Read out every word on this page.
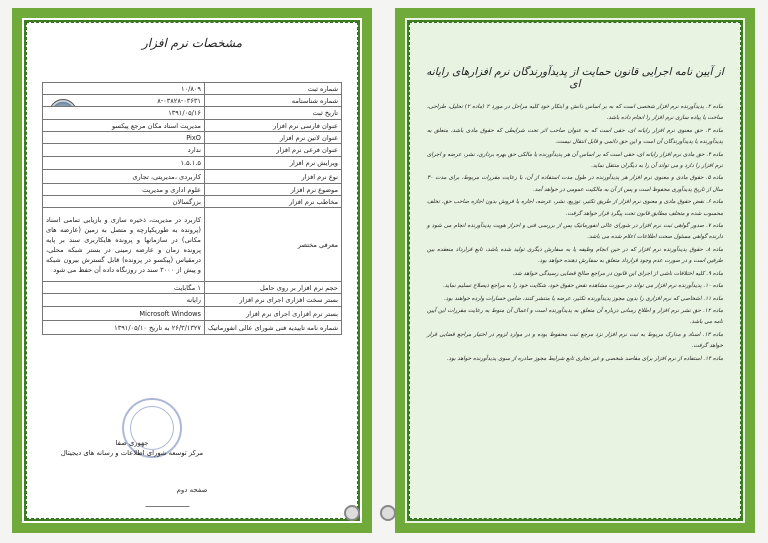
مشخصات نرم افزار
شماره ثبت	۱۰/۸۰۹
شماره شناسنامه	۸-۰۳۸۲۸-۰۳۶۳۱

تاریخ ثبت	۱۳۹۱/۰۵/۱۶
عنوان فارسی نرم افزار	مدیریت اسناد مکان مرجع پیکسو
عنوان لاتین نرم افزار	PixO
عنوان فرعی نرم افزار	ندارد
ویرایش نرم افزار	۱.۵.۱.۵
نوع نرم افزار	کاربردی ،مدیریتی، تجاری
موضوع نرم افزار	علوم اداری و مدیریت
مخاطب نرم افزار	بزرگسالان
معرفی مختصر	کاربرد در مدیریت، ذخیره سازی و بازیابی تمامی اسناد (پرونده به طوریکپارچه و متصل به زمین (عارضه های مکانی) در سازمانها و پرونده هایکاربری سند بر پایه پرونده زمان و عارضه زمینی در بستر شبکه محلی، درمقیاس (پیکسو در پرونده) قابل گسترش بیرون شبکه و پیش از ۳۰۰۰ سند در روزنگاه داده آن حفظ می شود
حجم نرم افزار بر روی حامل	۱ مگابایت
بستر سخت افزاری اجرای نرم افزار	رایانه
بستر نرم افزاری اجرای نرم افزار	Microsoft Windows
شماره نامه تاییدیه فنی شورای عالی انفورماتیک	۲۶/۳/۱۳۲۷ به تاریخ ۱۳۹۱/۰۵/۱۰
جهوری صفا
مرکز توسعه شورای اطلاعات و رسانه های دیجیتال
صفحه دوم
از آیین نامه اجرایی قانون حمایت از پدیدآورندگان نرم افزارهای رایانه ای

ماده ۲. پدیدآورنده نرم افزار شخصی است که به بر اساس دانش و ابتکار خود کلیه مراحل در مورد ۲ (ماده ۲) تحلیل، طراحی، ساخت یا پیاده سازی نرم افزار را انجام داده باشد.

ماده ۳. حق معنوی نرم افزار رایانه ای، حقی است که به عنوان صاحب اثر تحت شرایطی که حقوق مادی باشد، متعلق به پدیدآورنده یا پدیدآورندگان آن است و این حق دائمی و قابل انتقال نیست.

ماده ۴. حق مادی نرم افزار رایانه ای، حقی است که بر اساس آن هر پدیدآورنده یا مالکی حق بهره برداری، نشر، عرضه و اجرای نرم افزار را دارد و می تواند آن را به دیگران منتقل نماید.

ماده ۵. حقوق مادی و معنوی نرم افزار هر پدیدآورنده در طول مدت استفاده از آن، با رعایت مقررات مربوط، برای مدت ۳۰ سال از تاریخ پدیدآوری محفوظ است و پس از آن به مالکیت عمومی در خواهد آمد.

ماده ۶. نقض حقوق مادی و معنوی نرم افزار از طریق تکثیر، توزیع، نشر، عرضه، اجاره یا فروش بدون اجازه صاحب حق، تخلف محسوب شده و متخلف مطابق قانون تحت پیگرد قرار خواهد گرفت.

ماده ۷. صدور گواهی ثبت نرم افزار در شورای عالی انفورماتیک پس از بررسی فنی و احراز هویت پدیدآورنده انجام می شود و دارنده گواهی مسئول صحت اطلاعات اعلام شده می باشد.

ماده ۸. حقوق پدیدآورنده نرم افزار که در حین انجام وظیفه یا به سفارش دیگری تولید شده باشد، تابع قرارداد منعقده بین طرفین است و در صورت عدم وجود قرارداد متعلق به سفارش دهنده خواهد بود.

ماده ۹. کلیه اختلافات ناشی از اجرای این قانون در مراجع صالح قضایی رسیدگی خواهد شد.

ماده ۱۰. پدیدآورنده نرم افزار می تواند در صورت مشاهده نقض حقوق خود، شکایت خود را به مراجع ذیصلاح تسلیم نماید.

ماده ۱۱. اشخاصی که نرم افزاری را بدون مجوز پدیدآورنده تکثیر، عرضه یا منتشر کنند، ضامن خسارات وارده خواهند بود.

ماده ۱۲. حق نشر نرم افزار و اطلاع رسانی درباره آن متعلق به پدیدآورنده است و اعمال آن منوط به رعایت مقررات این آیین نامه می باشد.

ماده ۱۳. اسناد و مدارک مربوط به ثبت نرم افزار نزد مرجع ثبت محفوظ بوده و در موارد لزوم در اختیار مراجع قضایی قرار خواهد گرفت.

ماده ۱۴. استفاده از نرم افزار برای مقاصد شخصی و غیر تجاری تابع شرایط مجوز صادره از سوی پدیدآورنده خواهد بود.
